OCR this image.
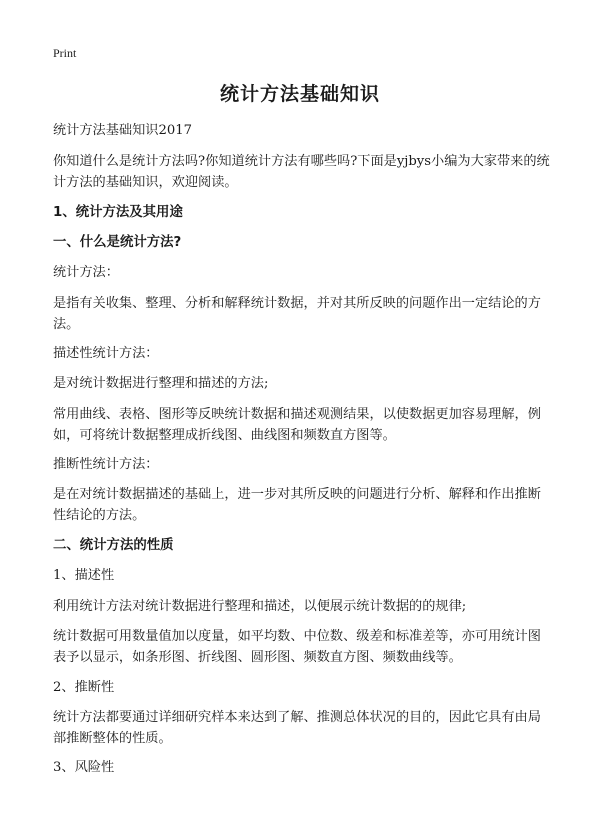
Print
统计方法基础知识

统计方法基础知识2017

你知道什么是统计方法吗?你知道统计方法有哪些吗?下面是yjbys小编为大家带来的统计方法的基础知识，欢迎阅读。

1、统计方法及其用途

一、什么是统计方法?

统计方法：

是指有关收集、整理、分析和解释统计数据，并对其所反映的问题作出一定结论的方法。

描述性统计方法：

是对统计数据进行整理和描述的方法;

常用曲线、表格、图形等反映统计数据和描述观测结果，以使数据更加容易理解，例如，可将统计数据整理成折线图、曲线图和频数直方图等。

推断性统计方法：

是在对统计数据描述的基础上，进一步对其所反映的问题进行分析、解释和作出推断性结论的方法。

二、统计方法的性质

1、描述性

利用统计方法对统计数据进行整理和描述，以便展示统计数据的的规律;

统计数据可用数量值加以度量，如平均数、中位数、级差和标准差等，亦可用统计图表予以显示，如条形图、折线图、圆形图、频数直方图、频数曲线等。

2、推断性

统计方法都要通过详细研究样本来达到了解、推测总体状况的目的，因此它具有由局部推断整体的性质。

3、风险性
